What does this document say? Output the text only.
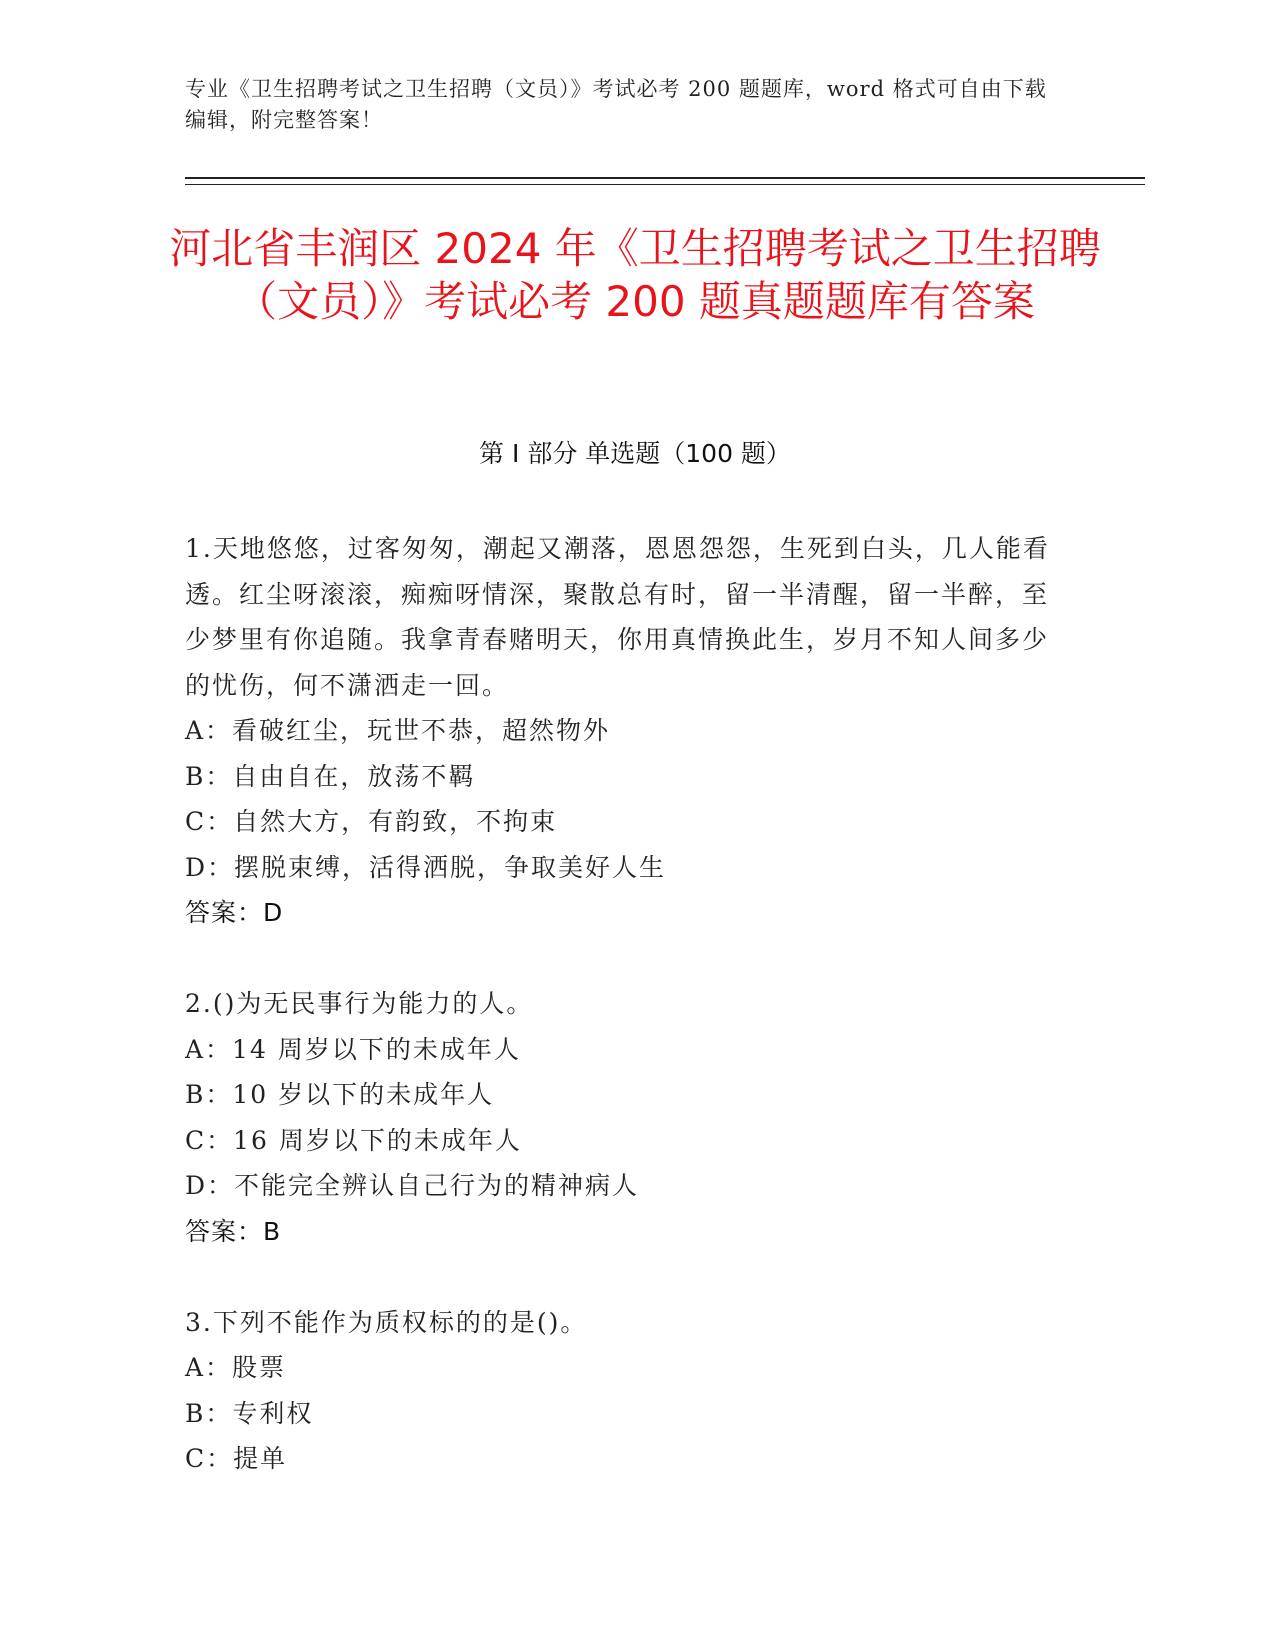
专业《卫生招聘考试之卫生招聘（文员）》考试必考 200 题题库，word 格式可自由下载编辑，附完整答案！
河北省丰润区 2024 年《卫生招聘考试之卫生招聘（文员）》考试必考 200 题真题题库有答案
第 I 部分 单选题（100 题）

1.天地悠悠，过客匆匆，潮起又潮落，恩恩怨怨，生死到白头，几人能看透。红尘呀滚滚，痴痴呀情深，聚散总有时，留一半清醒，留一半醉，至少梦里有你追随。我拿青春赌明天，你用真情换此生，岁月不知人间多少的忧伤，何不潇洒走一回。

A：看破红尘，玩世不恭，超然物外

B：自由自在，放荡不羁

C：自然大方，有韵致，不拘束

D：摆脱束缚，活得洒脱，争取美好人生

答案：D

2.()为无民事行为能力的人。

A：14 周岁以下的未成年人

B：10 岁以下的未成年人

C：16 周岁以下的未成年人

D：不能完全辨认自己行为的精神病人

答案：B

3.下列不能作为质权标的的是()。

A：股票

B：专利权

C：提单
